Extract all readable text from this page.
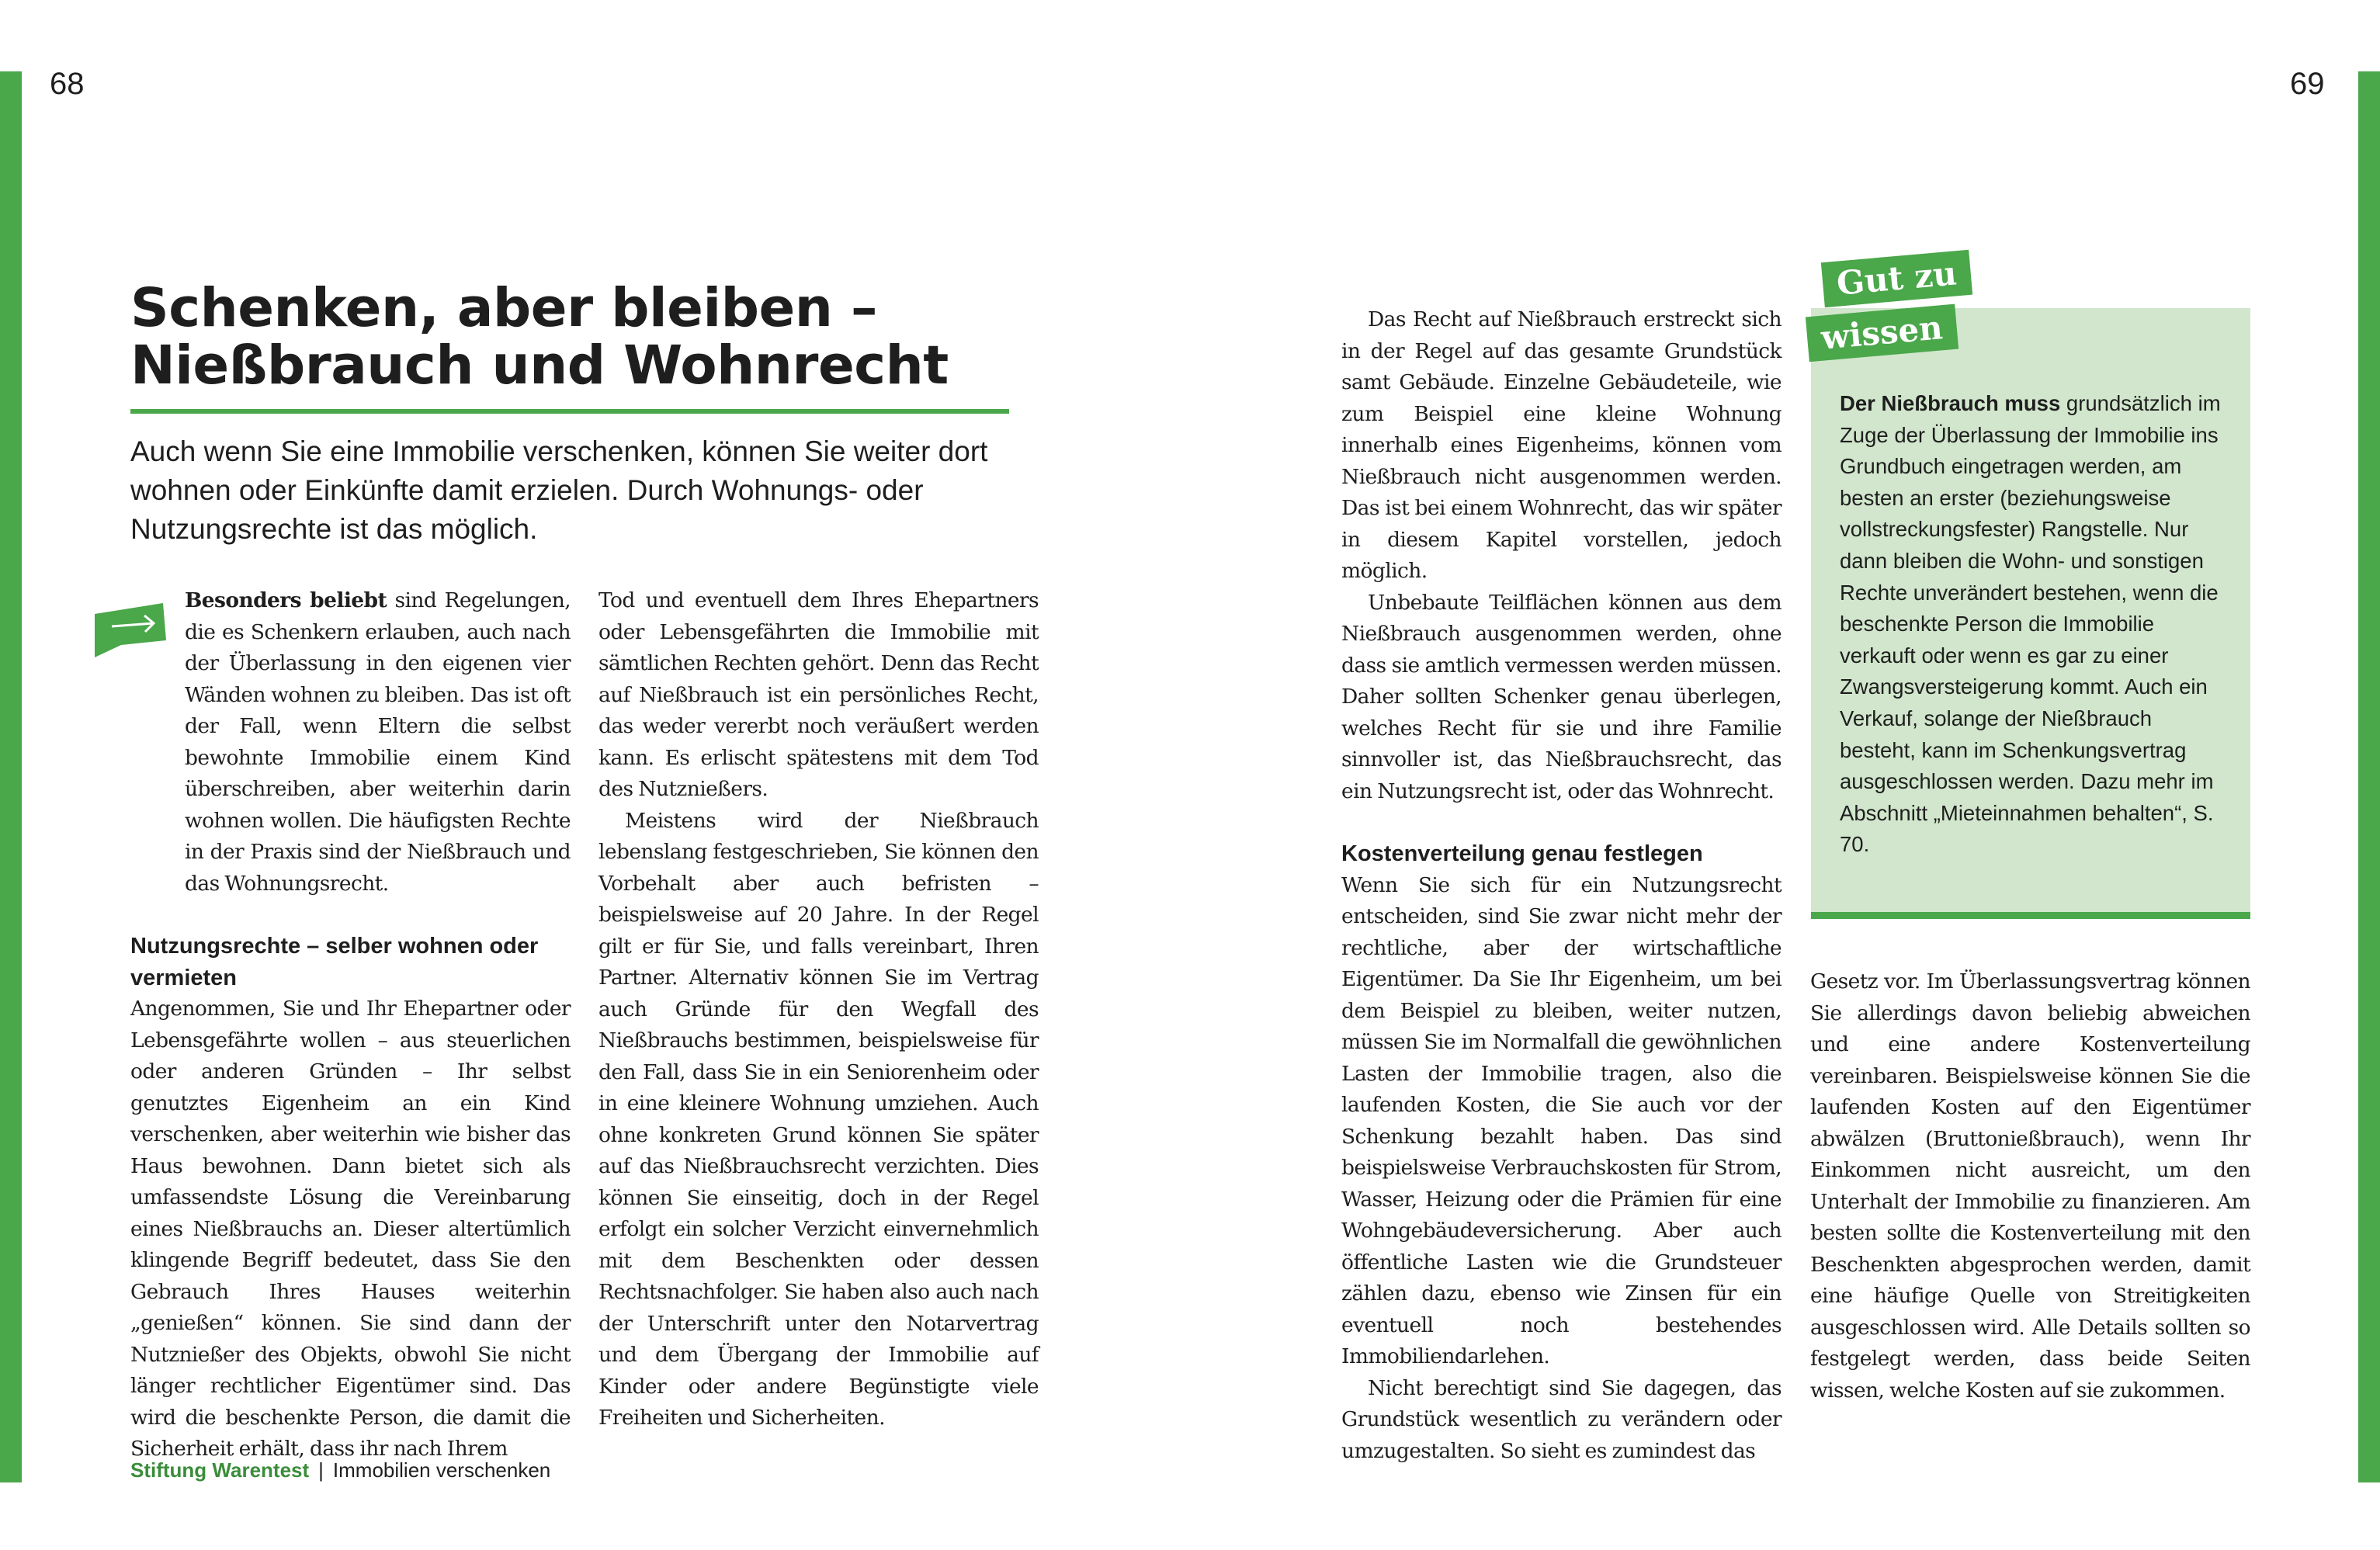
68	69
Schenken, aber bleiben –
Nießbrauch und Wohnrecht

Auch wenn Sie eine Immobilie verschenken, können Sie weiter dort wohnen oder Einkünfte damit erzielen. Durch Wohnungs- oder Nutzungsrechte ist das möglich.

Besonders beliebt sind Regelungen, die es Schenkern erlauben, auch nach der Überlassung in den eigenen vier Wänden wohnen zu bleiben. Das ist oft der Fall, wenn Eltern die selbst bewohnte Immobilie einem Kind überschreiben, aber weiterhin darin wohnen wollen. Die häufigsten Rechte in der Praxis sind der Nießbrauch und das Wohnungsrecht.

Nutzungsrechte – selber wohnen oder vermieten

Angenommen, Sie und Ihr Ehepartner oder Lebensgefährte wollen – aus steuerlichen oder anderen Gründen – Ihr selbst genutztes Eigenheim an ein Kind verschenken, aber weiterhin wie bisher das Haus bewohnen. Dann bietet sich als umfassendste Lösung die Vereinbarung eines Nießbrauchs an. Dieser altertümlich klingende Begriff bedeutet, dass Sie den Gebrauch Ihres Hauses weiterhin „genießen“ können. Sie sind dann der Nutznießer des Objekts, obwohl Sie nicht länger rechtlicher Eigentümer sind. Das wird die beschenkte Person, die damit die Sicherheit erhält, dass ihr nach Ihrem

Tod und eventuell dem Ihres Ehepartners oder Lebensgefährten die Immobilie mit sämtlichen Rechten gehört. Denn das Recht auf Nießbrauch ist ein persönliches Recht, das weder vererbt noch veräußert werden kann. Es erlischt spätestens mit dem Tod des Nutznießers.

Meistens wird der Nießbrauch lebenslang festgeschrieben, Sie können den Vorbehalt aber auch befristen – beispielsweise auf 20 Jahre. In der Regel gilt er für Sie, und falls vereinbart, Ihren Partner. Alternativ können Sie im Vertrag auch Gründe für den Wegfall des Nießbrauchs bestimmen, beispielsweise für den Fall, dass Sie in ein Seniorenheim oder in eine kleinere Wohnung umziehen. Auch ohne konkreten Grund können Sie später auf das Nießbrauchsrecht verzichten. Dies können Sie einseitig, doch in der Regel erfolgt ein solcher Verzicht einvernehmlich mit dem Beschenkten oder dessen Rechtsnachfolger. Sie haben also auch nach der Unterschrift unter den Notarvertrag und dem Übergang der Immobilie auf Kinder oder andere Begünstigte viele Freiheiten und Sicherheiten.

Das Recht auf Nießbrauch erstreckt sich in der Regel auf das gesamte Grundstück samt Gebäude. Einzelne Gebäudeteile, wie zum Beispiel eine kleine Wohnung innerhalb eines Eigenheims, können vom Nießbrauch nicht ausgenommen werden. Das ist bei einem Wohnrecht, das wir später in diesem Kapitel vorstellen, jedoch möglich.

Unbebaute Teilflächen können aus dem Nießbrauch ausgenommen werden, ohne dass sie amtlich vermessen werden müssen. Daher sollten Schenker genau überlegen, welches Recht für sie und ihre Familie sinnvoller ist, das Nießbrauchsrecht, das ein Nutzungsrecht ist, oder das Wohnrecht.

Kostenverteilung genau festlegen

Wenn Sie sich für ein Nutzungsrecht entscheiden, sind Sie zwar nicht mehr der rechtliche, aber der wirtschaftliche Eigentümer. Da Sie Ihr Eigenheim, um bei dem Beispiel zu bleiben, weiter nutzen, müssen Sie im Normalfall die gewöhnlichen Lasten der Immobilie tragen, also die laufenden Kosten, die Sie auch vor der Schenkung bezahlt haben. Das sind beispielsweise Verbrauchskosten für Strom, Wasser, Heizung oder die Prämien für eine Wohngebäudeversicherung. Aber auch öffentliche Lasten wie die Grundsteuer zählen dazu, ebenso wie Zinsen für ein eventuell noch bestehendes Immobiliendarlehen.

Nicht berechtigt sind Sie dagegen, das Grundstück wesentlich zu verändern oder umzugestalten. So sieht es zumindest das

Gut zu
wissen
Der Nießbrauch muss grundsätzlich im Zuge der Überlassung der Immobilie ins Grundbuch eingetragen werden, am besten an erster (beziehungsweise vollstreckungsfester) Rangstelle. Nur dann bleiben die Wohn- und sonstigen Rechte unverändert bestehen, wenn die beschenkte Person die Immobilie verkauft oder wenn es gar zu einer Zwangsversteigerung kommt. Auch ein Verkauf, solange der Nießbrauch besteht, kann im Schenkungsvertrag ausgeschlossen werden. Dazu mehr im Abschnitt „Mieteinnahmen behalten“, S. 70.

Gesetz vor. Im Überlassungsvertrag können Sie allerdings davon beliebig abweichen und eine andere Kostenverteilung vereinbaren. Beispielsweise können Sie die laufenden Kosten auf den Eigentümer abwälzen (Bruttonießbrauch), wenn Ihr Einkommen nicht ausreicht, um den Unterhalt der Immobilie zu finanzieren. Am besten sollte die Kostenverteilung mit den Beschenkten abgesprochen werden, damit eine häufige Quelle von Streitigkeiten ausgeschlossen wird. Alle Details sollten so festgelegt werden, dass beide Seiten wissen, welche Kosten auf sie zukommen.

Stiftung Warentest | Immobilien verschenken
